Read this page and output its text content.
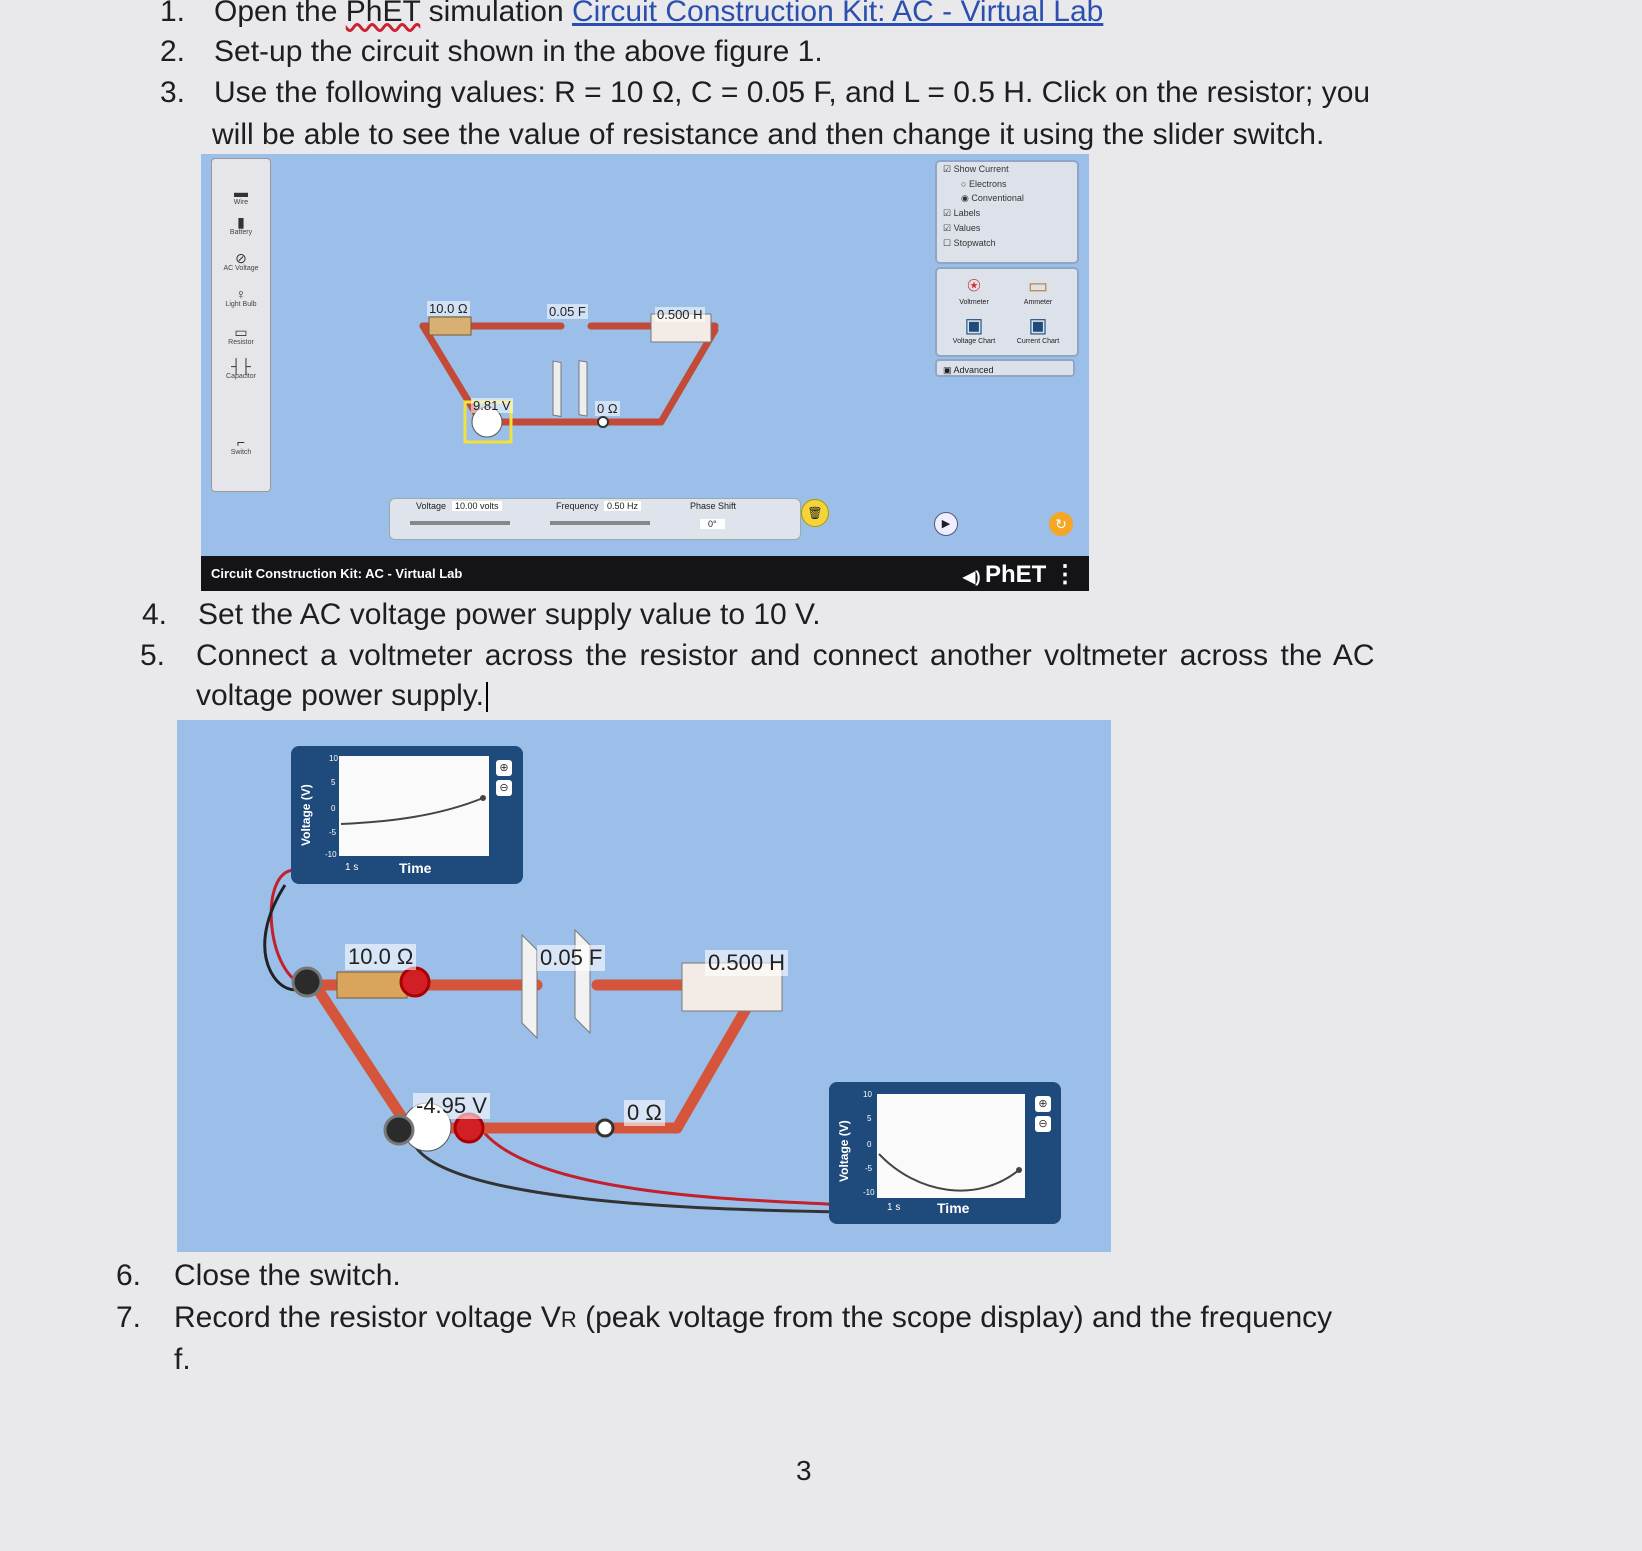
1. Open the PhET simulation Circuit Construction Kit: AC - Virtual Lab
2. Set-up the circuit shown in the above figure 1.
3. Use the following values: R = 10 Ω, C = 0.05 F, and L = 0.5 H. Click on the resistor; you
will be able to see the value of resistance and then change it using the slider switch.
▬
Wire
▮
Battery
⊘
AC Voltage
♀
Light Bulb
▭
Resistor
┤├
Capacitor
⌐
Switch
10.0 Ω	0.05 F	0.500 H
9.81 V	0 Ω
☑ Show Current
○ Electrons
◉ Conventional
☑ Labels
☑ Values
☐ Stopwatch
⍟
Voltmeter
▭
Ammeter
▣
Voltage Chart
▣
Current Chart
▣ Advanced
Voltage 10.00 volts	Frequency 0.50 Hz	Phase Shift
0°
🗑
▶	↻
Circuit Construction Kit: AC - Virtual Lab	◀) PhET ⋮
4. Set the AC voltage power supply value to 10 V.
5. Connect a voltmeter across the resistor and connect another voltmeter across the AC
voltage power supply.
10.0 Ω	0.05 F	0.500 H
-4.95 V	0 Ω
Voltage (V)
10
5
0
-5
-10
⊕
⊖
1 s	Time
Voltage (V)
10
5
0
-5
-10
⊕
⊖
1 s	Time
6. Close the switch.
7. Record the resistor voltage VR (peak voltage from the scope display) and the frequency
f.
3
